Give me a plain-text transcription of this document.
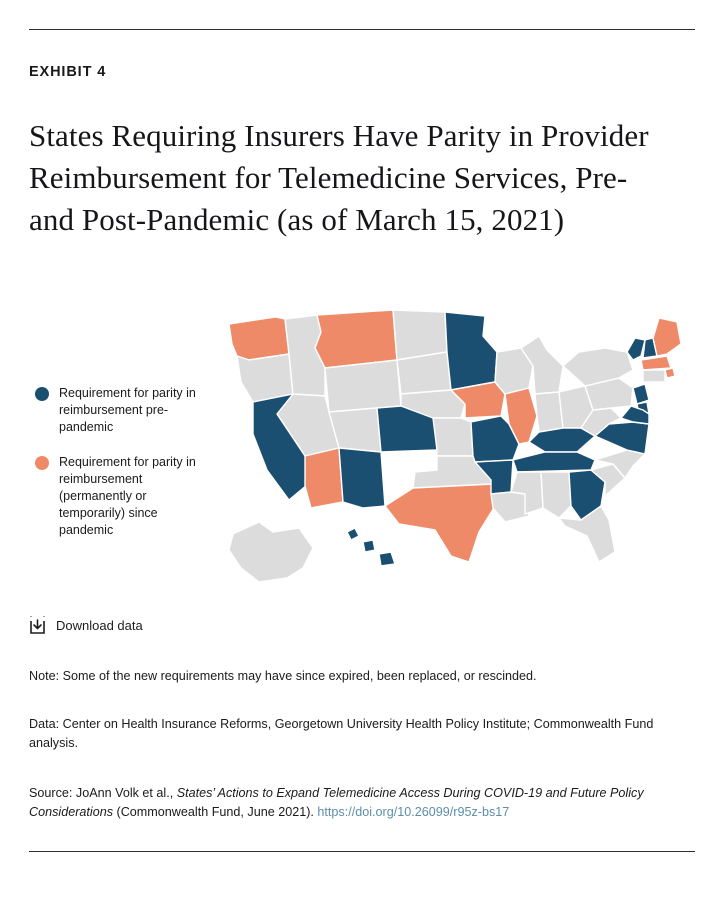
EXHIBIT 4
States Requiring Insurers Have Parity in Provider Reimbursement for Telemedicine Services, Pre- and Post-Pandemic (as of March 15, 2021)
Requirement for parity in reimbursement pre-pandemic
Requirement for parity in reimbursement (permanently or temporarily) since pandemic
Download data
Note: Some of the new requirements may have since expired, been replaced, or rescinded.
Data: Center on Health Insurance Reforms, Georgetown University Health Policy Institute; Commonwealth Fund analysis.
Source: JoAnn Volk et al., States’ Actions to Expand Telemedicine Access During COVID-19 and Future Policy Considerations (Commonwealth Fund, June 2021). https://doi.org/10.26099/r95z-bs17
